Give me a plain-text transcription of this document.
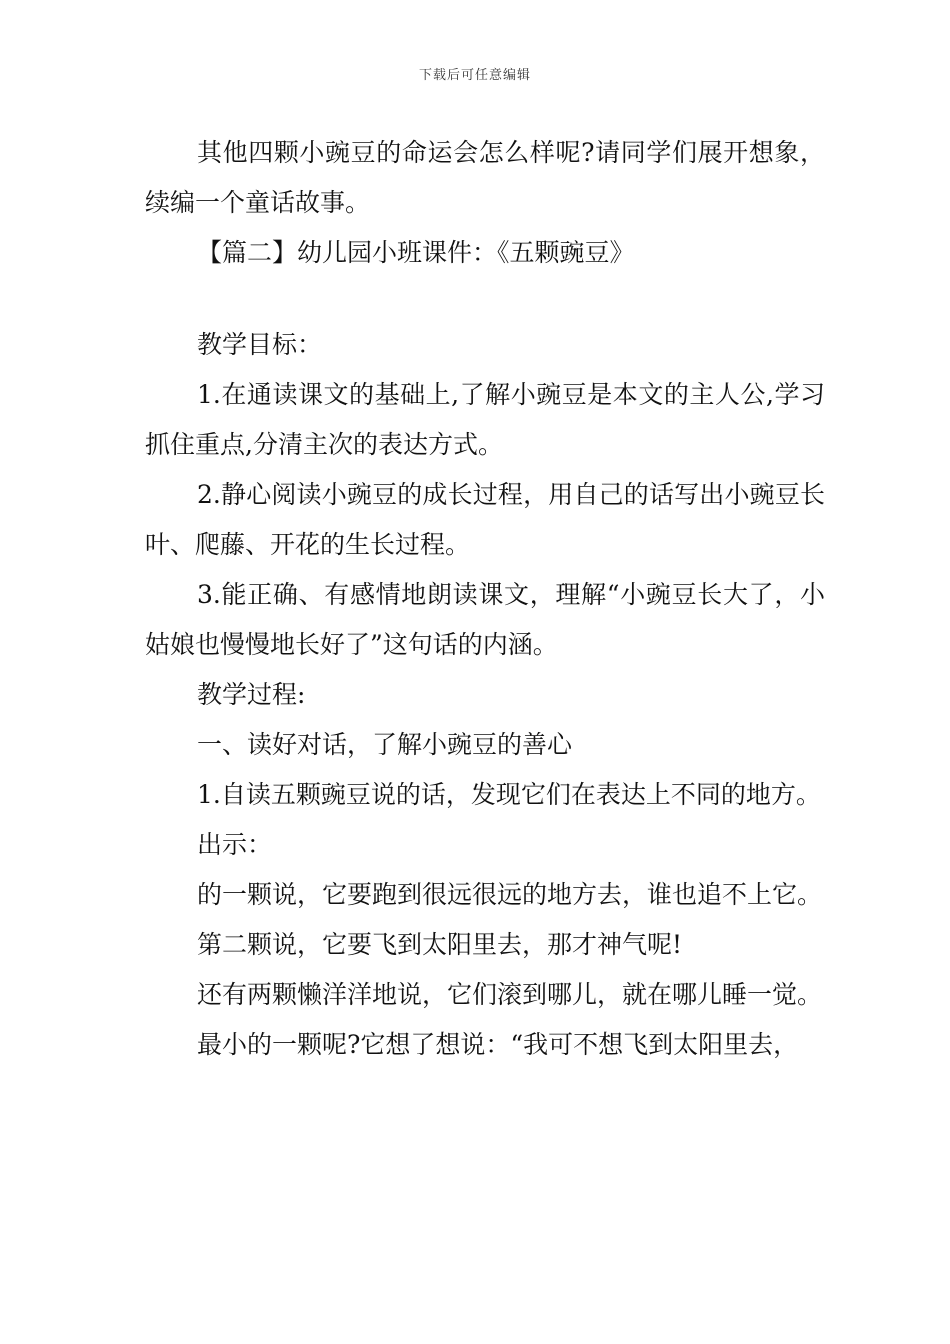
下载后可任意编辑

其他四颗小豌豆的命运会怎么样呢?请同学们展开想象，续编一个童话故事。

【篇二】幼儿园小班课件：《五颗豌豆》

教学目标：

1.在通读课文的基础上,了解小豌豆是本文的主人公,学习抓住重点,分清主次的表达方式。

2.静心阅读小豌豆的成长过程，用自己的话写出小豌豆长叶、爬藤、开花的生长过程。

3.能正确、有感情地朗读课文，理解“小豌豆长大了，小姑娘也慢慢地长好了”这句话的内涵。

教学过程:

一、读好对话，了解小豌豆的善心

1.自读五颗豌豆说的话，发现它们在表达上不同的地方。

出示：

的一颗说，它要跑到很远很远的地方去，谁也追不上它。

第二颗说，它要飞到太阳里去，那才神气呢!

还有两颗懒洋洋地说，它们滚到哪儿，就在哪儿睡一觉。

最小的一颗呢?它想了想说：“我可不想飞到太阳里去，
